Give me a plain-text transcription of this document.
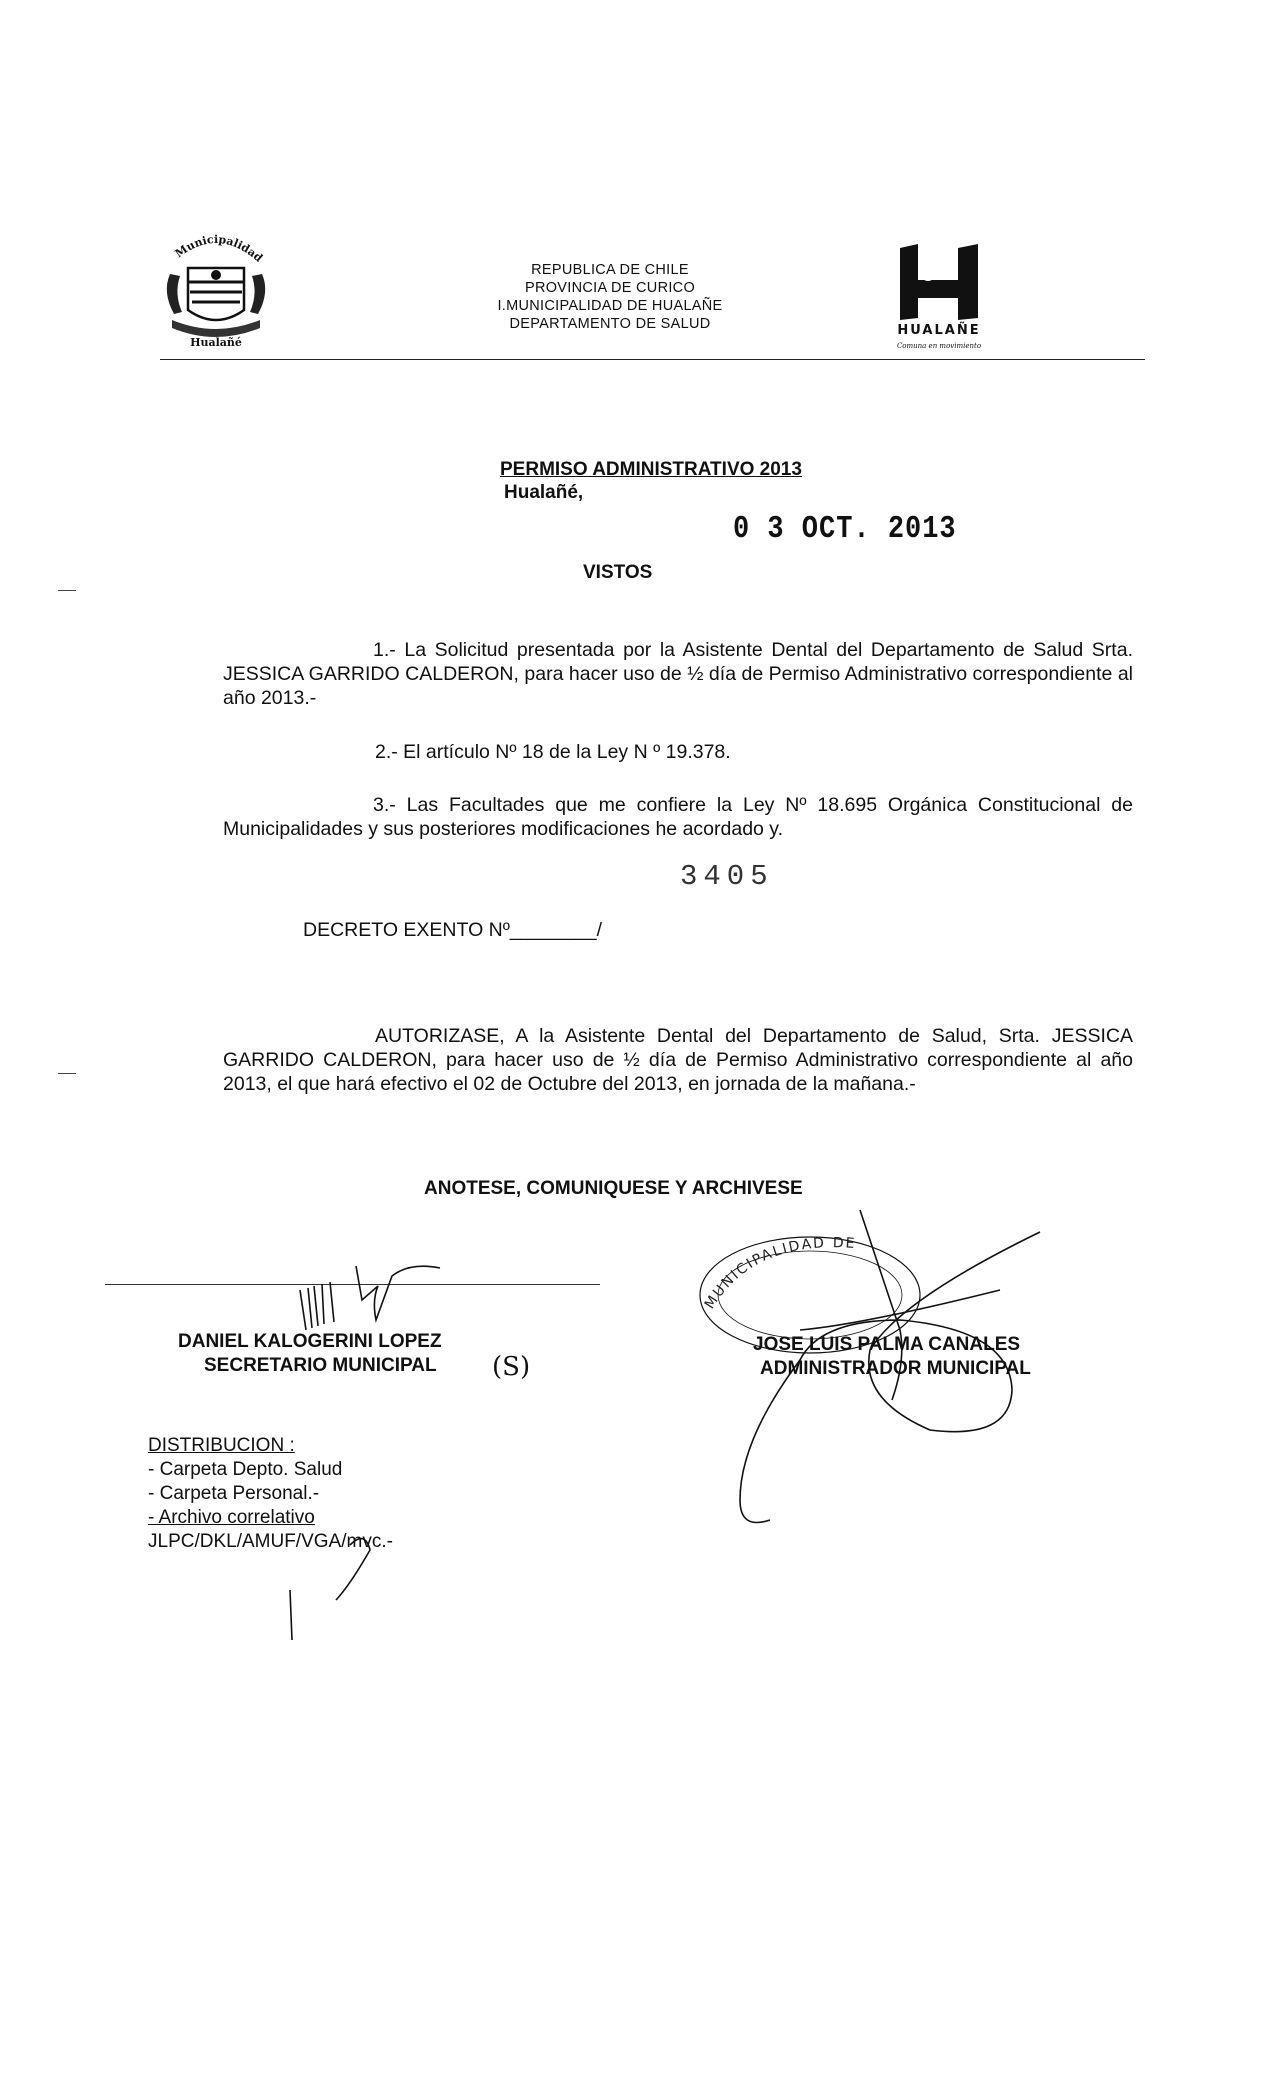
Municipalidad
Hualañé
REPUBLICA DE CHILE
PROVINCIA DE CURICO
I.MUNICIPALIDAD DE HUALAÑE
DEPARTAMENTO DE SALUD	HUALAÑE
Comuna en movimiento
PERMISO ADMINISTRATIVO 2013
Hualañé,
0 3 OCT. 2013
VISTOS
1.- La Solicitud presentada por la Asistente Dental del Departamento de Salud Srta. JESSICA GARRIDO CALDERON, para hacer uso de ½ día de Permiso Administrativo correspondiente al año 2013.-
2.- El artículo Nº 18 de la Ley N º 19.378.
3.- Las Facultades que me confiere la Ley Nº 18.695 Orgánica Constitucional de Municipalidades y sus posteriores modificaciones he acordado y.
3405
DECRETO EXENTO Nº________/
AUTORIZASE, A la Asistente Dental del Departamento de Salud, Srta. JESSICA GARRIDO CALDERON, para hacer uso de ½ día de Permiso Administrativo correspondiente al año 2013, el que hará efectivo el 02 de Octubre del 2013, en jornada de la mañana.-
ANOTESE, COMUNIQUESE Y ARCHIVESE
DANIEL KALOGERINI LOPEZ
SECRETARIO MUNICIPAL (S)
JOSE LUIS PALMA CANALES
ADMINISTRADOR MUNICIPAL
MUNICIPALIDAD DE
DISTRIBUCION :
- Carpeta Depto. Salud
- Carpeta Personal.-
- Archivo correlativo
JLPC/DKL/AMUF/VGA/mvc.-
